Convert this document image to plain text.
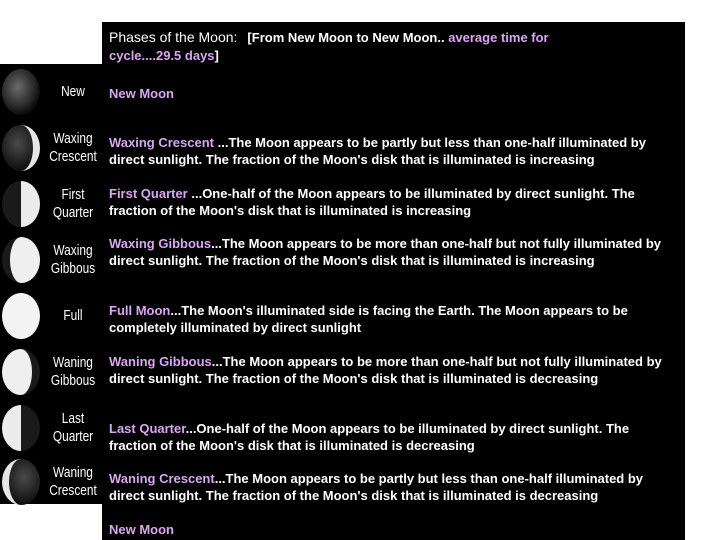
Phases of the Moon: [From New Moon to New Moon.. average time for
cycle....29.5 days]
New
Waxing
Crescent
First
Quarter
Waxing
Gibbous
Full
Waning
Gibbous
Last
Quarter
Waning
Crescent
New Moon
Waxing Crescent ...The Moon appears to be partly but less than one-half illuminated by direct sunlight. The fraction of the Moon's disk that is illuminated is increasing
First Quarter ...One-half of the Moon appears to be illuminated by direct sunlight. The fraction of the Moon's disk that is illuminated is increasing
Waxing Gibbous...The Moon appears to be more than one-half but not fully illuminated by direct sunlight. The fraction of the Moon's disk that is illuminated is increasing
Full Moon...The Moon's illuminated side is facing the Earth. The Moon appears to be completely illuminated by direct sunlight
Waning Gibbous...The Moon appears to be more than one-half but not fully illuminated by direct sunlight. The fraction of the Moon's disk that is illuminated is decreasing
Last Quarter...One-half of the Moon appears to be illuminated by direct sunlight. The fraction of the Moon's disk that is illuminated is decreasing
Waning Crescent...The Moon appears to be partly but less than one-half illuminated by direct sunlight. The fraction of the Moon's disk that is illuminated is decreasing
New Moon
